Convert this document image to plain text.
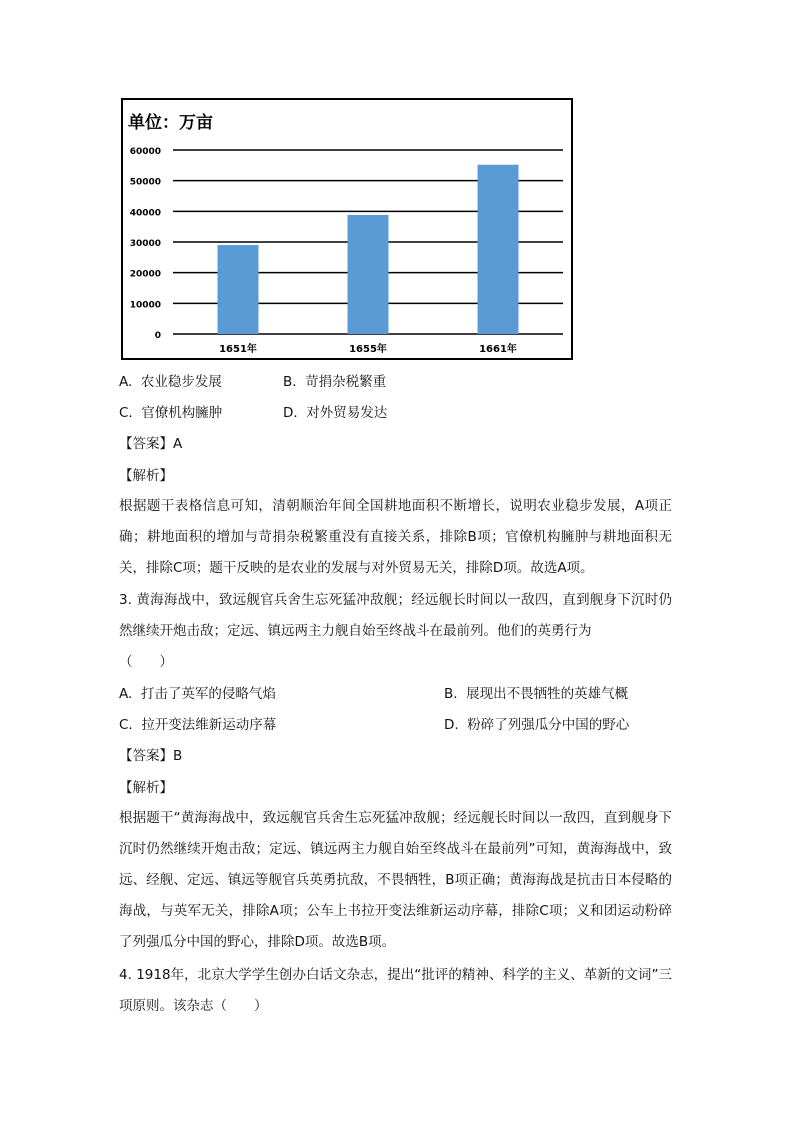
单位：万亩
60000
50000
40000
30000
20000
10000
0
1651年	1655年	1661年
A. 农业稳步发展	B. 苛捐杂税繁重
C. 官僚机构臃肿	D. 对外贸易发达
【答案】A
【解析】
根据题干表格信息可知，清朝顺治年间全国耕地面积不断增长，说明农业稳步发展，A项正确；耕地面积的增加与苛捐杂税繁重没有直接关系，排除B项；官僚机构臃肿与耕地面积无关，排除C项；题干反映的是农业的发展与对外贸易无关，排除D项。故选A项。
3. 黄海海战中，致远舰官兵舍生忘死猛冲敌舰；经远舰长时间以一敌四，直到舰身下沉时仍然继续开炮击敌；定远、镇远两主力舰自始至终战斗在最前列。他们的英勇行为
（　　）
A. 打击了英军的侵略气焰	B. 展现出不畏牺牲的英雄气概
C. 拉开变法维新运动序幕	D. 粉碎了列强瓜分中国的野心
【答案】B
【解析】
根据题干“黄海海战中，致远舰官兵舍生忘死猛冲敌舰；经远舰长时间以一敌四，直到舰身下沉时仍然继续开炮击敌；定远、镇远两主力舰自始至终战斗在最前列”可知，黄海海战中，致远、经舰、定远、镇远等舰官兵英勇抗敌，不畏牺牲，B项正确；黄海海战是抗击日本侵略的海战，与英军无关，排除A项；公车上书拉开变法维新运动序幕，排除C项；义和团运动粉碎了列强瓜分中国的野心，排除D项。故选B项。
4. 1918年，北京大学学生创办白话文杂志，提出“批评的精神、科学的主义、革新的文词”三项原则。该杂志（　　）
